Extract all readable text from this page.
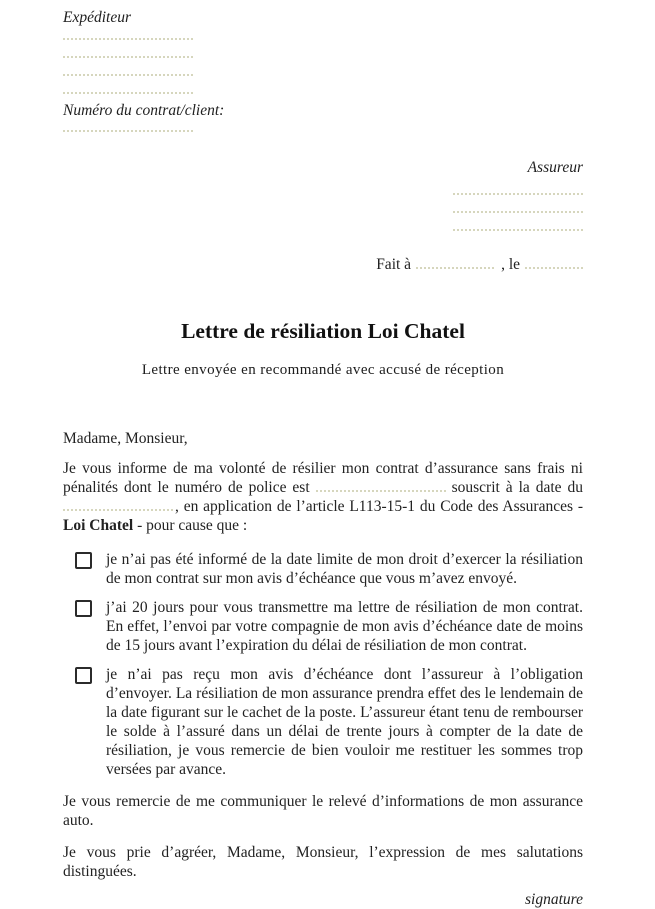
Expéditeur
Numéro du contrat/client:
Assureur
Fait à	, le
Lettre de résiliation Loi Chatel
Lettre envoyée en recommandé avec accusé de réception
Madame, Monsieur,

Je vous informe de ma volonté de résilier mon contrat d’assurance sans frais ni pénalités dont le numéro de police est	souscrit à la date du , en application de l’article L113-15-1 du Code des Assurances - Loi Chatel - pour cause que :

je n’ai pas été informé de la date limite de mon droit d’exercer la résiliation de mon contrat sur mon avis d’échéance que vous m’avez envoyé.
j’ai 20 jours pour vous transmettre ma lettre de résiliation de mon contrat. En effet, l’envoi par votre compagnie de mon avis d’échéance date de moins de 15 jours avant l’expiration du délai de résiliation de mon contrat.
je n’ai pas reçu mon avis d’échéance dont l’assureur à l’obligation d’envoyer. La résiliation de mon assurance prendra effet des le lendemain de la date figurant sur le cachet de la poste. L’assureur étant tenu de rembourser le solde à l’assuré dans un délai de trente jours à compter de la date de résiliation, je vous remercie de bien vouloir me restituer les sommes trop versées par avance.
Je vous remercie de me communiquer le relevé d’informations de mon assurance auto.
Je vous prie d’agréer, Madame, Monsieur, l’expression de mes salutations distinguées.
signature
